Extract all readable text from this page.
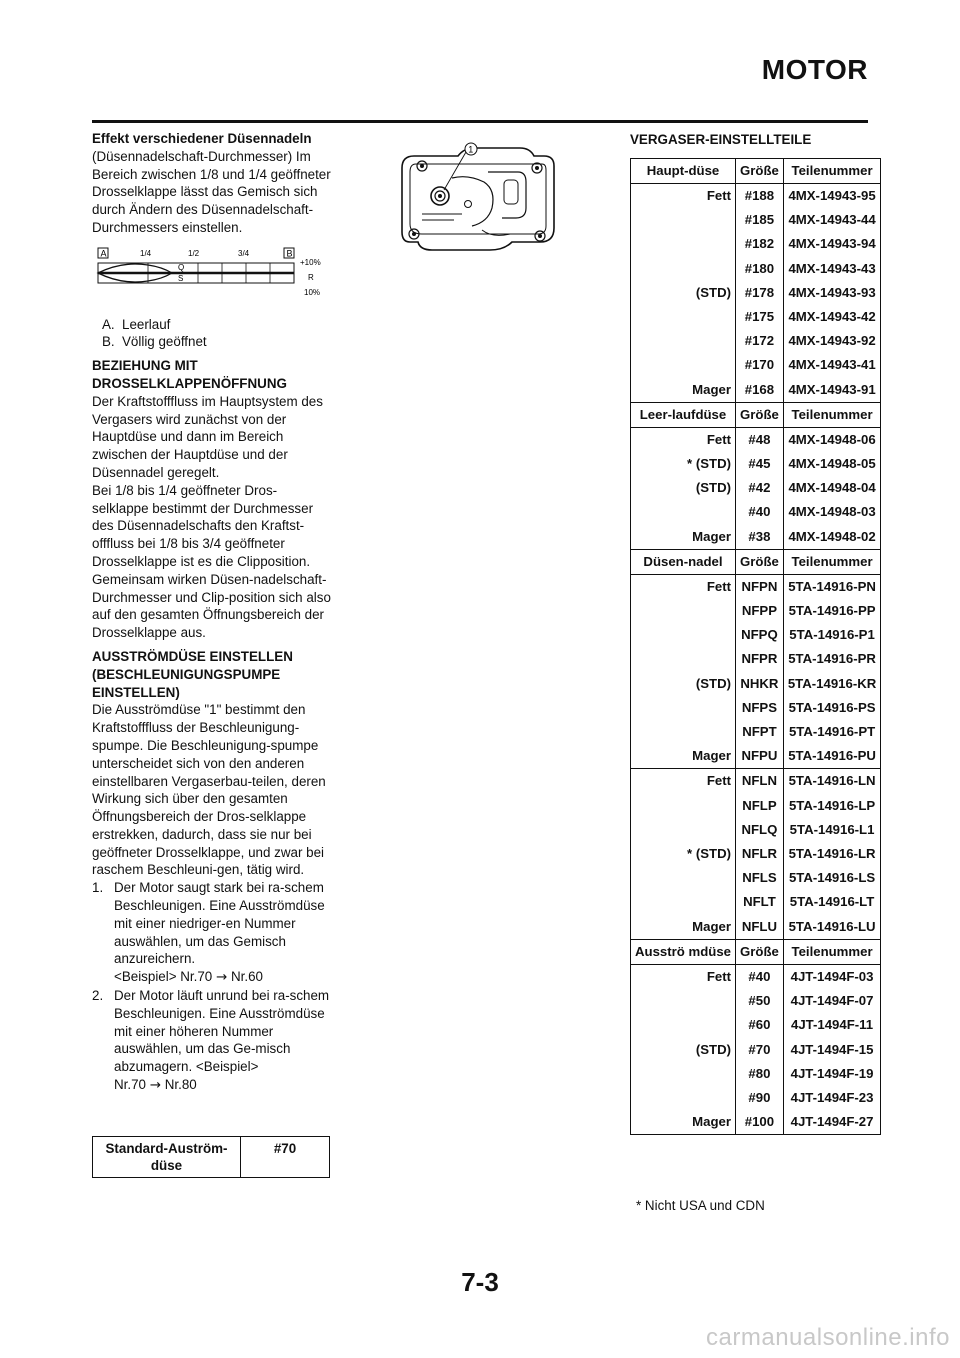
MOTOR
Effekt verschiedener Düsennadeln

(Düsennadelschaft-Durchmesser) Im Bereich zwischen 1/8 und 1/4 geöffneter Drosselklappe lässt das Gemisch sich durch Ändern des Düsennadelschaft-Durchmessers einstellen.

A	B
1/4	1/2	3/4
Q
S
+10%
R
10%
A. Leerlauf
B. Völlig geöffnet
BEZIEHUNG MIT DROSSELKLAPPENÖFFNUNG

Der Kraftstofffluss im Hauptsystem des Vergasers wird zunächst von der Hauptdüse und dann im Bereich zwischen der Hauptdüse und der Düsennadel geregelt.

Bei 1/8 bis 1/4 geöffneter Dros-selklappe bestimmt der Durchmesser des Düsennadelschafts den Kraftst-offfluss bei 1/8 bis 3/4 geöffneter Drosselklappe ist es die Clipposition. Gemeinsam wirken Düsen-nadelschaft- Durchmesser und Clip-position sich also auf den gesamten Öffnungsbereich der Drosselklappe aus.

AUSSTRÖMDÜSE EINSTELLEN (BESCHLEUNIGUNGSPUMPE EINSTELLEN)

Die Ausströmdüse "1" bestimmt den Kraftstofffluss der Beschleunigung-spumpe. Die Beschleunigung-spumpe unterscheidet sich von den anderen einstellbaren Vergaserbau-teilen, deren Wirkung sich über den gesamten Öffnungsbereich der Dros-selklappe erstrekken, dadurch, dass sie nur bei geöffneter Drosselklappe, und zwar bei raschem Beschleuni-gen, tätig wird.

1. Der Motor saugt stark bei ra-schem Beschleunigen. Eine Ausströmdüse mit einer niedriger-en Nummer auswählen, um das Gemisch anzureichern.
<Beispiel> Nr.70 → Nr.60
2. Der Motor läuft unrund bei ra-schem Beschleunigen. Eine Ausströmdüse mit einer höheren Nummer auswählen, um das Ge-misch abzumagern. <Beispiel>
Nr.70 → Nr.80
Standard-Auström-düse	#70
1
VERGASER-EINSTELLTEILE
Haupt-düse	Größe	Teilenummer
Fett	#188	4MX-14943-95
	#185	4MX-14943-44
	#182	4MX-14943-94
	#180	4MX-14943-43
(STD)	#178	4MX-14943-93
	#175	4MX-14943-42
	#172	4MX-14943-92
	#170	4MX-14943-41
Mager	#168	4MX-14943-91
Leer-laufdüse	Größe	Teilenummer
Fett	#48	4MX-14948-06
* (STD)	#45	4MX-14948-05
(STD)	#42	4MX-14948-04
	#40	4MX-14948-03
Mager	#38	4MX-14948-02
Düsen-nadel	Größe	Teilenummer
Fett	NFPN	5TA-14916-PN
	NFPP	5TA-14916-PP
	NFPQ	5TA-14916-P1
	NFPR	5TA-14916-PR
(STD)	NHKR	5TA-14916-KR
	NFPS	5TA-14916-PS
	NFPT	5TA-14916-PT
Mager	NFPU	5TA-14916-PU
Fett	NFLN	5TA-14916-LN
	NFLP	5TA-14916-LP
	NFLQ	5TA-14916-L1
* (STD)	NFLR	5TA-14916-LR
	NFLS	5TA-14916-LS
	NFLT	5TA-14916-LT
Mager	NFLU	5TA-14916-LU
Ausströ mdüse	Größe	Teilenummer
Fett	#40	4JT-1494F-03
	#50	4JT-1494F-07
	#60	4JT-1494F-11
(STD)	#70	4JT-1494F-15
	#80	4JT-1494F-19
	#90	4JT-1494F-23
Mager	#100	4JT-1494F-27
* Nicht USA und CDN
7-3
carmanualsonline.info
